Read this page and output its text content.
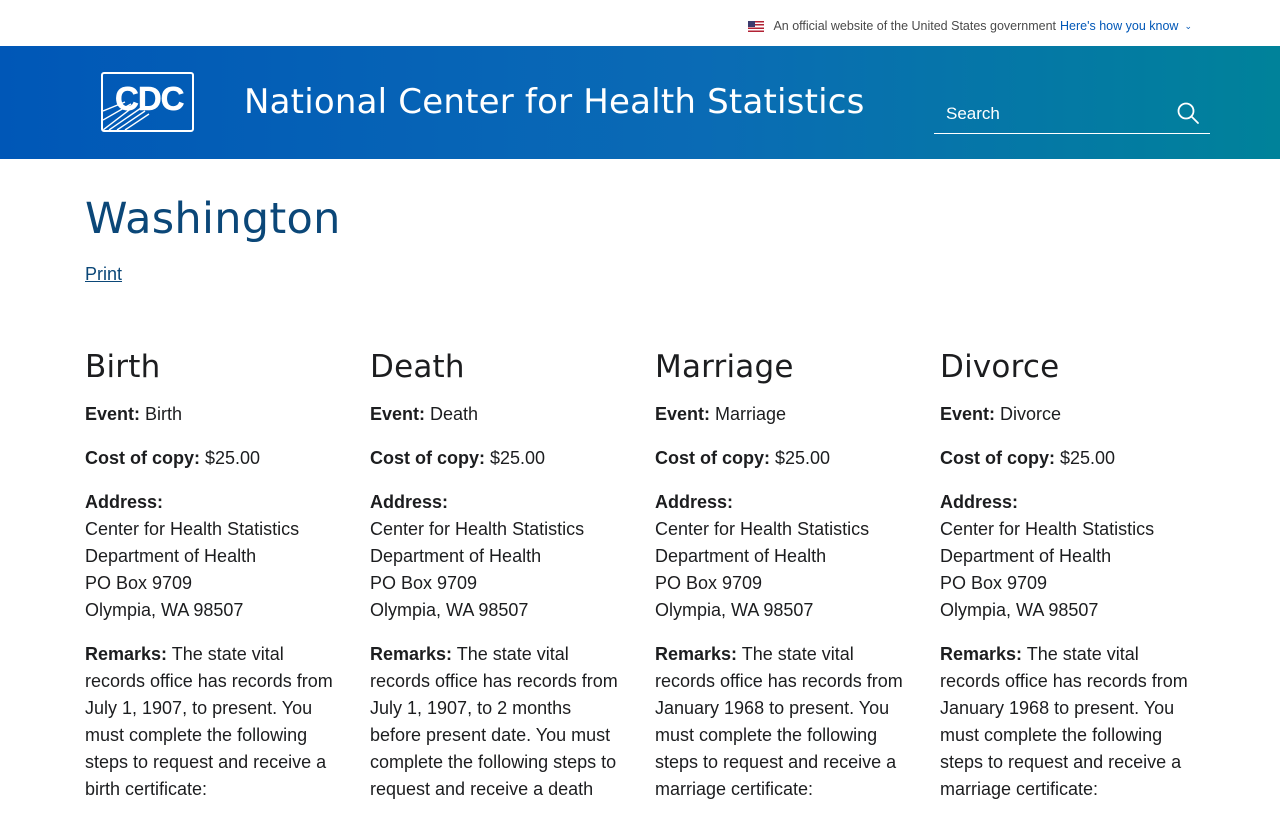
An official website of the United States government Here's how you know ⌄
CDC National Center for Health Statistics
Search
Washington
Print
Birth
Event: Birth
Cost of copy: $25.00
Address:
Center for Health Statistics
Department of Health
PO Box 9709
Olympia, WA 98507
Remarks: The state vital records office has records from July 1, 1907, to present. You must complete the following steps to request and receive a birth certificate:
Death
Event: Death
Cost of copy: $25.00
Address:
Center for Health Statistics
Department of Health
PO Box 9709
Olympia, WA 98507
Remarks: The state vital records office has records from July 1, 1907, to 2 months before present date. You must complete the following steps to request and receive a death
Marriage
Event: Marriage
Cost of copy: $25.00
Address:
Center for Health Statistics
Department of Health
PO Box 9709
Olympia, WA 98507
Remarks: The state vital records office has records from January 1968 to present. You must complete the following steps to request and receive a marriage certificate:
Divorce
Event: Divorce
Cost of copy: $25.00
Address:
Center for Health Statistics
Department of Health
PO Box 9709
Olympia, WA 98507
Remarks: The state vital records office has records from January 1968 to present. You must complete the following steps to request and receive a marriage certificate:
